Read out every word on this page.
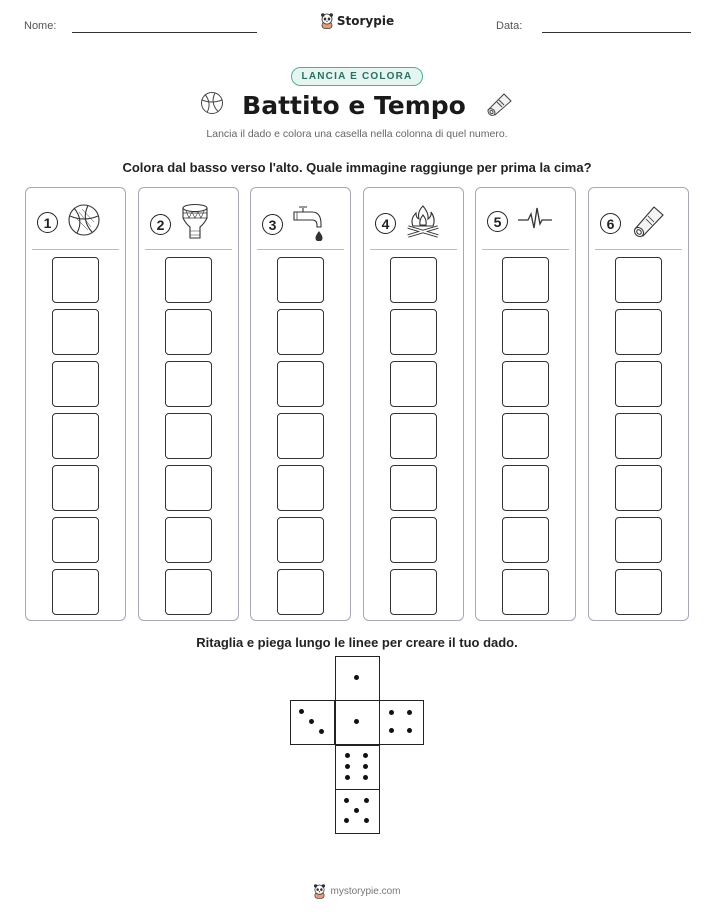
Nome:	Storypie	Data:
LANCIA E COLORA
Battito e Tempo
Lancia il dado e colora una casella nella colonna di quel numero.
Colora dal basso verso l'alto. Quale immagine raggiunge per prima la cima?
1	2	3	4	5	6
Ritaglia e piega lungo le linee per creare il tuo dado.
mystorypie.com
